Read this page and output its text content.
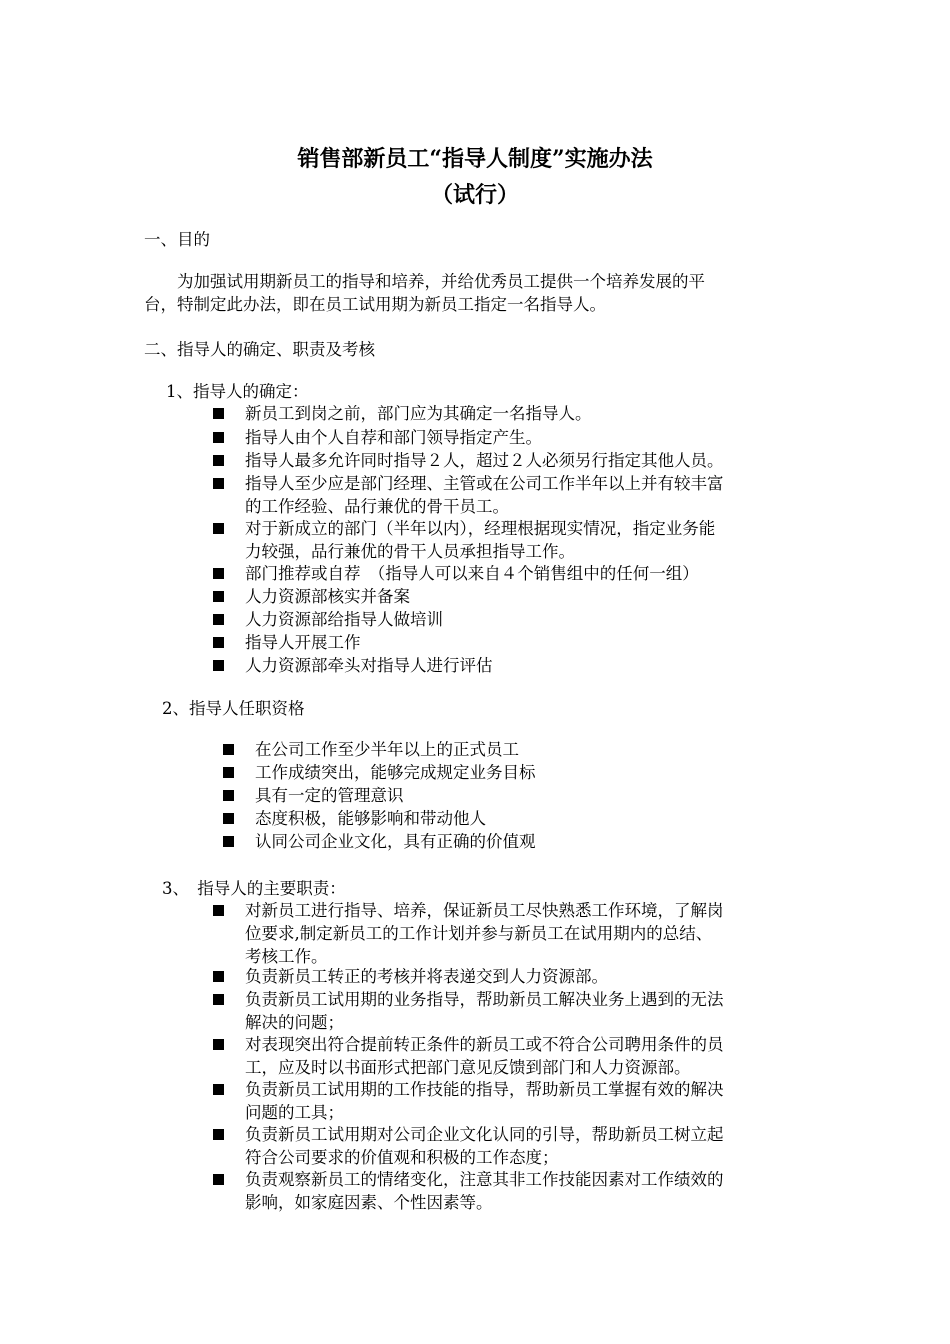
销售部新员工“指导人制度”实施办法
（试行）
一、目的
为加强试用期新员工的指导和培养，并给优秀员工提供一个培养发展的平
台，特制定此办法，即在员工试用期为新员工指定一名指导人。
二、指导人的确定、职责及考核
1、指导人的确定：
新员工到岗之前，部门应为其确定一名指导人。
指导人由个人自荐和部门领导指定产生。
指导人最多允许同时指导２人，超过２人必须另行指定其他人员。
指导人至少应是部门经理、主管或在公司工作半年以上并有较丰富
的工作经验、品行兼优的骨干员工。
对于新成立的部门（半年以内），经理根据现实情况，指定业务能
力较强，品行兼优的骨干人员承担指导工作。
部门推荐或自荐　（指导人可以来自４个销售组中的任何一组）
人力资源部核实并备案
人力资源部给指导人做培训
指导人开展工作
人力资源部牵头对指导人进行评估
2、指导人任职资格
在公司工作至少半年以上的正式员工
工作成绩突出，能够完成规定业务目标
具有一定的管理意识
态度积极，能够影响和带动他人
认同公司企业文化，具有正确的价值观
3、　指导人的主要职责：
对新员工进行指导、培养，保证新员工尽快熟悉工作环境，了解岗
位要求,制定新员工的工作计划并参与新员工在试用期内的总结、
考核工作。
负责新员工转正的考核并将表递交到人力资源部。
负责新员工试用期的业务指导，帮助新员工解决业务上遇到的无法
解决的问题；
对表现突出符合提前转正条件的新员工或不符合公司聘用条件的员
工，应及时以书面形式把部门意见反馈到部门和人力资源部。
负责新员工试用期的工作技能的指导，帮助新员工掌握有效的解决
问题的工具；
负责新员工试用期对公司企业文化认同的引导，帮助新员工树立起
符合公司要求的价值观和积极的工作态度；
负责观察新员工的情绪变化，注意其非工作技能因素对工作绩效的
影响，如家庭因素、个性因素等。
